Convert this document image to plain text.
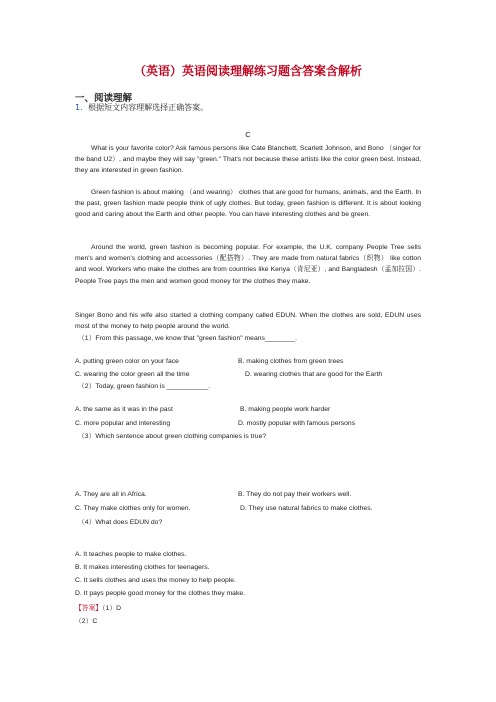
（英语）英语阅读理解练习题含答案含解析
一、阅读理解
1．根据短文内容理解选择正确答案。
C

What is your favorite color? Ask famous persons like Cate Blanchett, Scarlett Johnson, and Bono （singer for the band U2）, and maybe they will say "green." That's not because these artists like the color green best. Instead, they are interested in green fashion.

Green fashion is about making （and wearing） clothes that are good for humans, animals, and the Earth. In the past, green fashion made people think of ugly clothes. But today, green fashion is different. It is about looking good and caring about the Earth and other people. You can have interesting clothes and be green.

Around the world, green fashion is becoming popular. For example, the U.K. company People Tree sells men's and women's clothing and accessories（配搭物）. They are made from natural fabrics（织物） like cotton and wool. Workers who make the clothes are from countries like Kenya（肯尼亚）, and Bangladesh（孟加拉国）. People Tree pays the men and women good money for the clothes they make.

Singer Bono and his wife also started a clothing company called EDUN. When the clothes are sold, EDUN uses most of the money to help people around the world.

（1）From this passage, we know that "green fashion" means________.
A. putting green color on your face	B. making clothes from green trees
C. wearing the color green all the time	D. wearing clothes that are good for the Earth
（2）Today, green fashion is ___________.
A. the same as it was in the past	B. making people work harder
C. more popular and interesting	D. mostly popular with famous persons
（3）Which sentence about green clothing companies is true?
A. They are all in Africa.	B. They do not pay their workers well.
C. They make clothes only for women.	D. They use natural fabrics to make clothes.
（4）What does EDUN do?
A. It teaches people to make clothes.
B. It makes interesting clothes for teenagers.
C. It sells clothes and uses the money to help people.
D. It pays people good money for the clothes they make.
【答案】（1）D
（2）C
